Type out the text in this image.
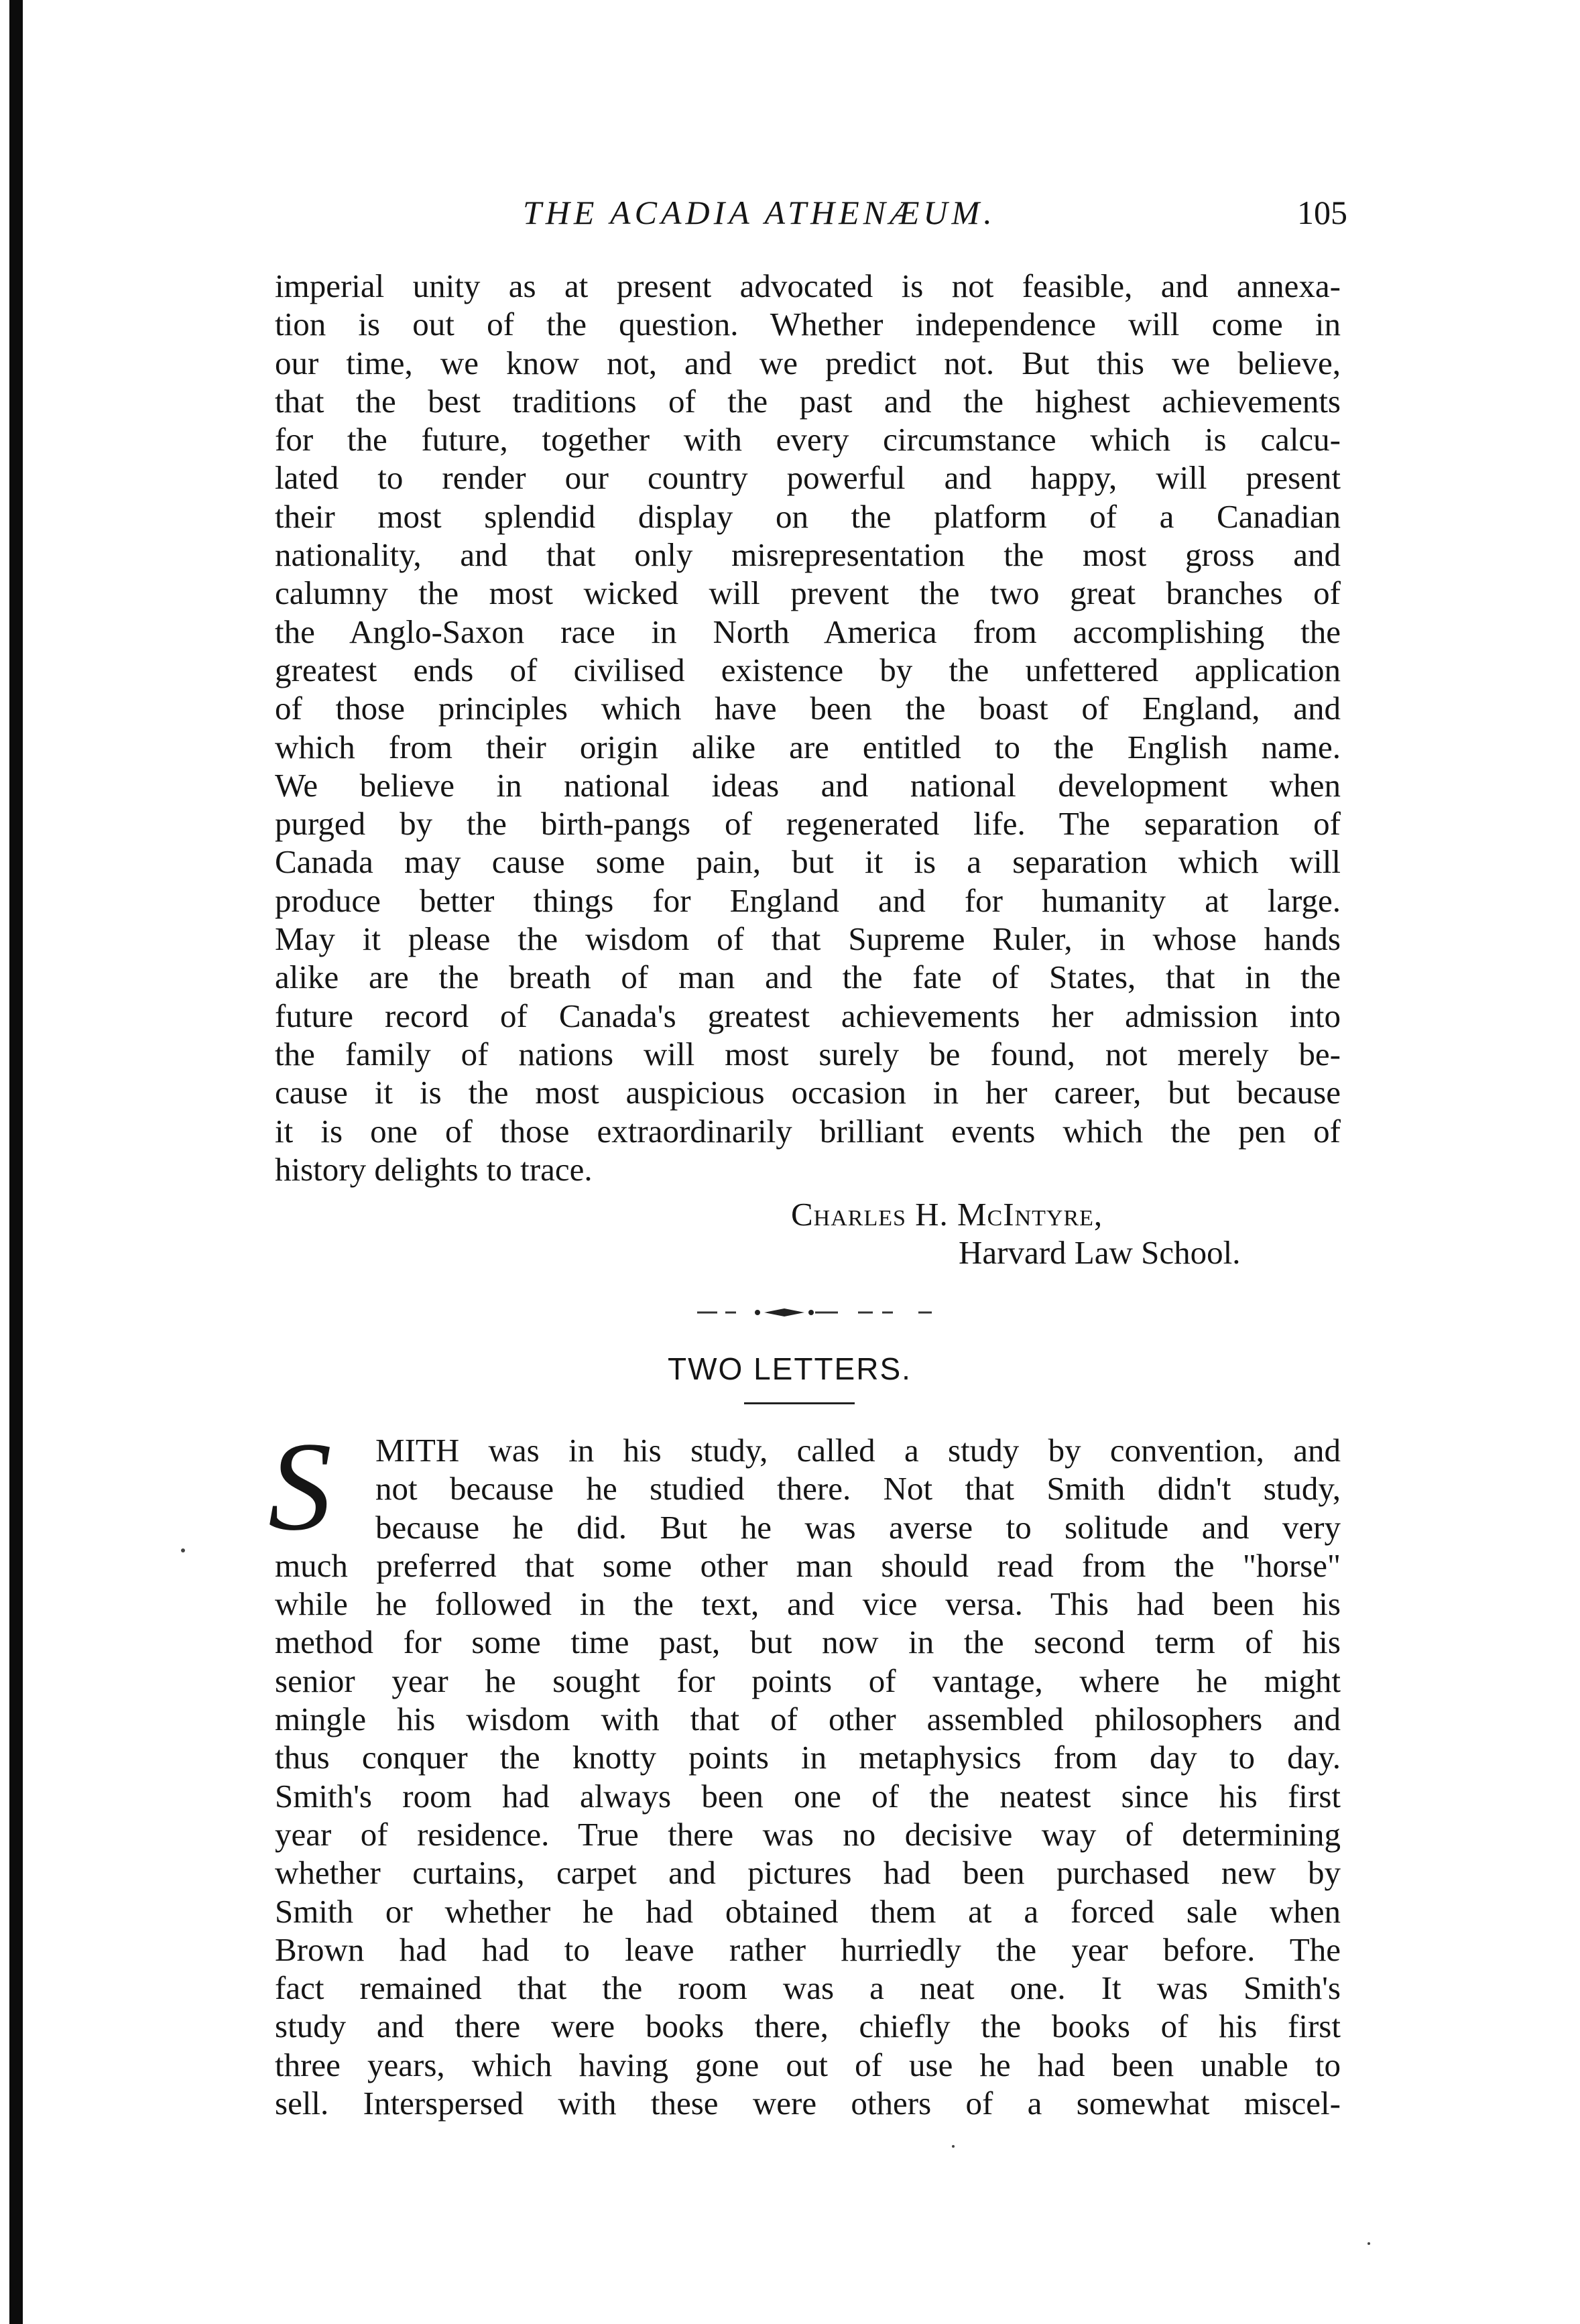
THE ACADIA ATHENÆUM.	105
imperial unity as at present advocated is not feasible, and annexa-
tion is out of the question. Whether independence will come in
our time, we know not, and we predict not. But this we believe,
that the best traditions of the past and the highest achievements
for the future, together with every circumstance which is calcu-
lated to render our country powerful and happy, will present
their most splendid display on the platform of a Canadian
nationality, and that only misrepresentation the most gross and
calumny the most wicked will prevent the two great branches of
the Anglo-Saxon race in North America from accomplishing the
greatest ends of civilised existence by the unfettered application
of those principles which have been the boast of England, and
which from their origin alike are entitled to the English name.
We believe in national ideas and national development when
purged by the birth-pangs of regenerated life. The separation of
Canada may cause some pain, but it is a separation which will
produce better things for England and for humanity at large.
May it please the wisdom of that Supreme Ruler, in whose hands
alike are the breath of man and the fate of States, that in the
future record of Canada's greatest achievements her admission into
the family of nations will most surely be found, not merely be-
cause it is the most auspicious occasion in her career, but because
it is one of those extraordinarily brilliant events which the pen of
history delights to trace.
Charles H. McIntyre,
Harvard Law School.
TWO LETTERS.
S	MITH was in his study, called a study by convention, and
not because he studied there. Not that Smith didn't study,
because he did. But he was averse to solitude and very
much preferred that some other man should read from the "horse"
while he followed in the text, and vice versa. This had been his
method for some time past, but now in the second term of his
senior year he sought for points of vantage, where he might
mingle his wisdom with that of other assembled philosophers and
thus conquer the knotty points in metaphysics from day to day.
Smith's room had always been one of the neatest since his first
year of residence. True there was no decisive way of determining
whether curtains, carpet and pictures had been purchased new by
Smith or whether he had obtained them at a forced sale when
Brown had had to leave rather hurriedly the year before. The
fact remained that the room was a neat one. It was Smith's
study and there were books there, chiefly the books of his first
three years, which having gone out of use he had been unable to
sell. Interspersed with these were others of a somewhat miscel-
